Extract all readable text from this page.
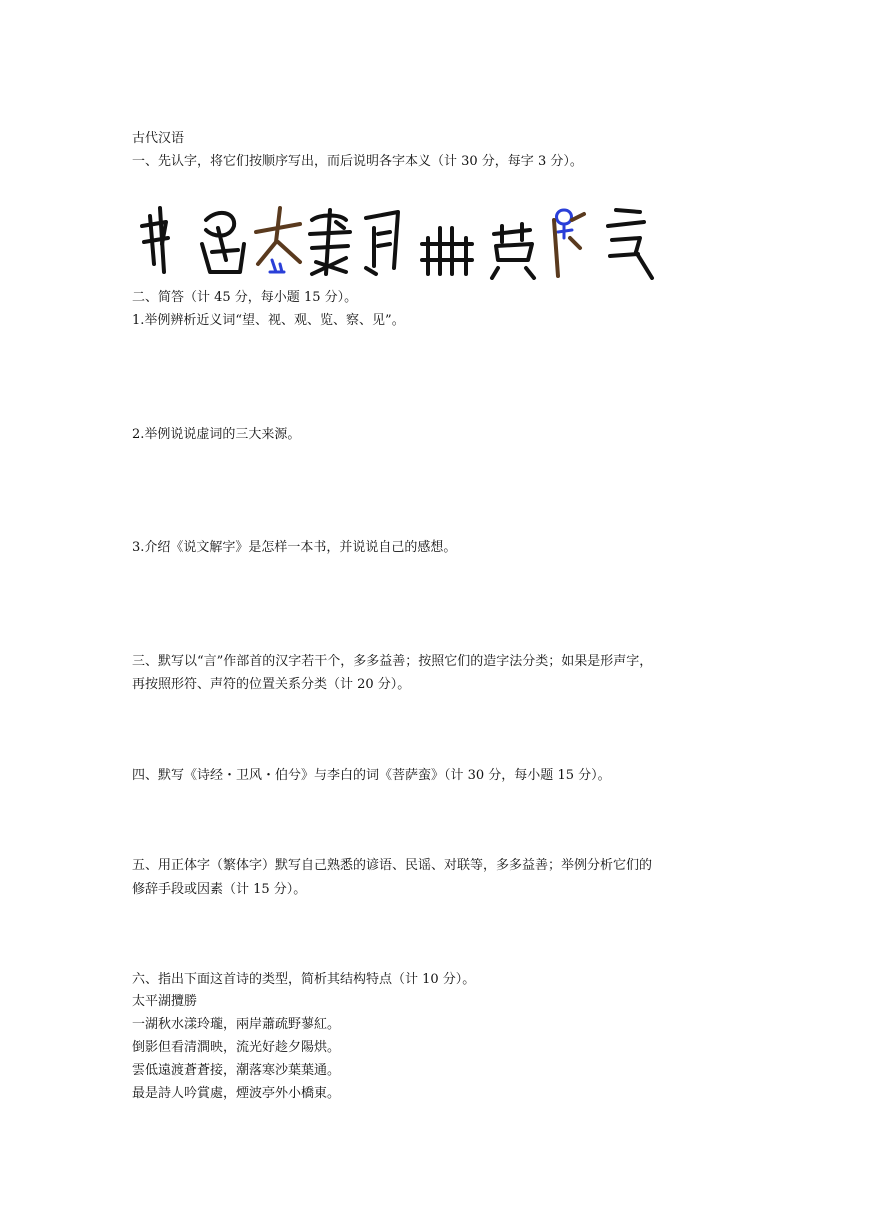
古代汉语
一、先认字，将它们按顺序写出，而后说明各字本义（计 30 分，每字 3 分）。
二、简答（计 45 分，每小题 15 分）。
1.举例辨析近义词“望、视、观、览、察、见”。
2.举例说说虚词的三大来源。
3.介绍《说文解字》是怎样一本书，并说说自己的感想。
三、默写以“言”作部首的汉字若干个，多多益善；按照它们的造字法分类；如果是形声字，
再按照形符、声符的位置关系分类（计 20 分）。
四、默写《诗经・卫风・伯兮》与李白的词《菩萨蛮》（计 30 分，每小题 15 分）。
五、用正体字（繁体字）默写自己熟悉的谚语、民谣、对联等，多多益善；举例分析它们的
修辞手段或因素（计 15 分）。
六、指出下面这首诗的类型，简析其结构特点（计 10 分）。
太平湖攬勝
一湖秋水漾玲瓏，兩岸蕭疏野蓼紅。
倒影但看清澗映，流光好趁夕陽烘。
雲低遠渡蒼蒼接，潮落寒沙葉葉通。
最是詩人吟賞處，煙波亭外小橋東。
